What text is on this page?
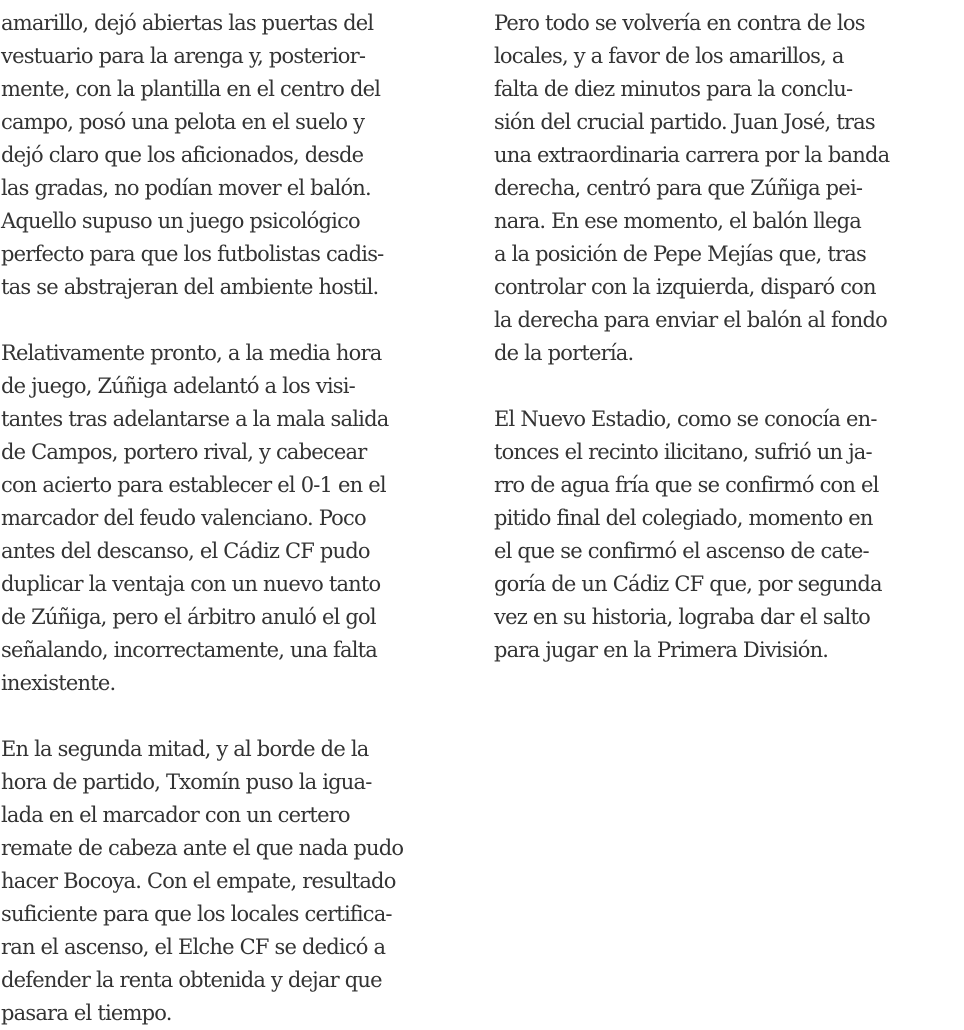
amarillo, dejó abiertas las puertas del
vestuario para la arenga y, posterior-
mente, con la plantilla en el centro del
campo, posó una pelota en el suelo y
dejó claro que los aficionados, desde
las gradas, no podían mover el balón.
Aquello supuso un juego psicológico
perfecto para que los futbolistas cadis-
tas se abstrajeran del ambiente hostil.
Relativamente pronto, a la media hora
de juego, Zúñiga adelantó a los visi-
tantes tras adelantarse a la mala salida
de Campos, portero rival, y cabecear
con acierto para establecer el 0-1 en el
marcador del feudo valenciano. Poco
antes del descanso, el Cádiz CF pudo
duplicar la ventaja con un nuevo tanto
de Zúñiga, pero el árbitro anuló el gol
señalando, incorrectamente, una falta
inexistente.
En la segunda mitad, y al borde de la
hora de partido, Txomín puso la igua-
lada en el marcador con un certero
remate de cabeza ante el que nada pudo
hacer Bocoya. Con el empate, resultado
suficiente para que los locales certifica-
ran el ascenso, el Elche CF se dedicó a
defender la renta obtenida y dejar que
pasara el tiempo.
Pero todo se volvería en contra de los
locales, y a favor de los amarillos, a
falta de diez minutos para la conclu-
sión del crucial partido. Juan José, tras
una extraordinaria carrera por la banda
derecha, centró para que Zúñiga pei-
nara. En ese momento, el balón llega
a la posición de Pepe Mejías que, tras
controlar con la izquierda, disparó con
la derecha para enviar el balón al fondo
de la portería.
El Nuevo Estadio, como se conocía en-
tonces el recinto ilicitano, sufrió un ja-
rro de agua fría que se confirmó con el
pitido final del colegiado, momento en
el que se confirmó el ascenso de cate-
goría de un Cádiz CF que, por segunda
vez en su historia, lograba dar el salto
para jugar en la Primera División.
